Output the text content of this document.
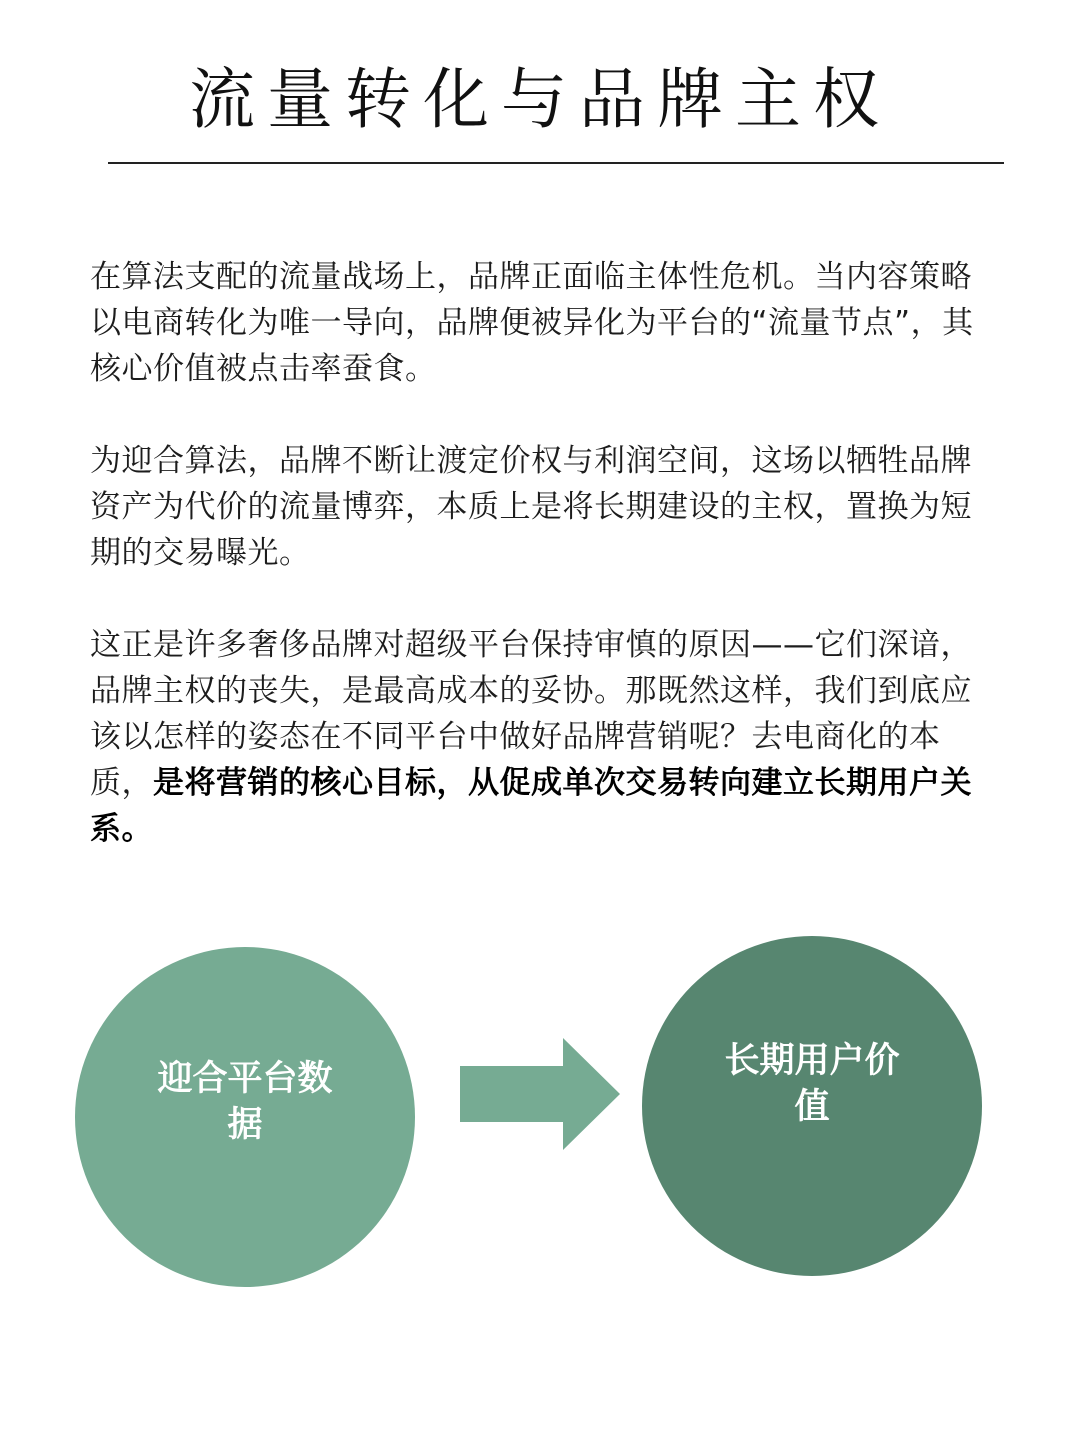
流量转化与品牌主权
在算法支配的流量战场上，品牌正面临主体性危机。当内容策略以电商转化为唯一导向，品牌便被异化为平台的“流量节点”，其核心价值被点击率蚕食。
为迎合算法，品牌不断让渡定价权与利润空间，这场以牺牲品牌资产为代价的流量博弈，本质上是将长期建设的主权，置换为短期的交易曝光。
这正是许多奢侈品牌对超级平台保持审慎的原因——它们深谙，品牌主权的丧失，是最高成本的妥协。那既然这样，我们到底应该以怎样的姿态在不同平台中做好品牌营销呢？去电商化的本质，是将营销的核心目标，从促成单次交易转向建立长期用户关系。
迎合平台数据
长期用户价值
